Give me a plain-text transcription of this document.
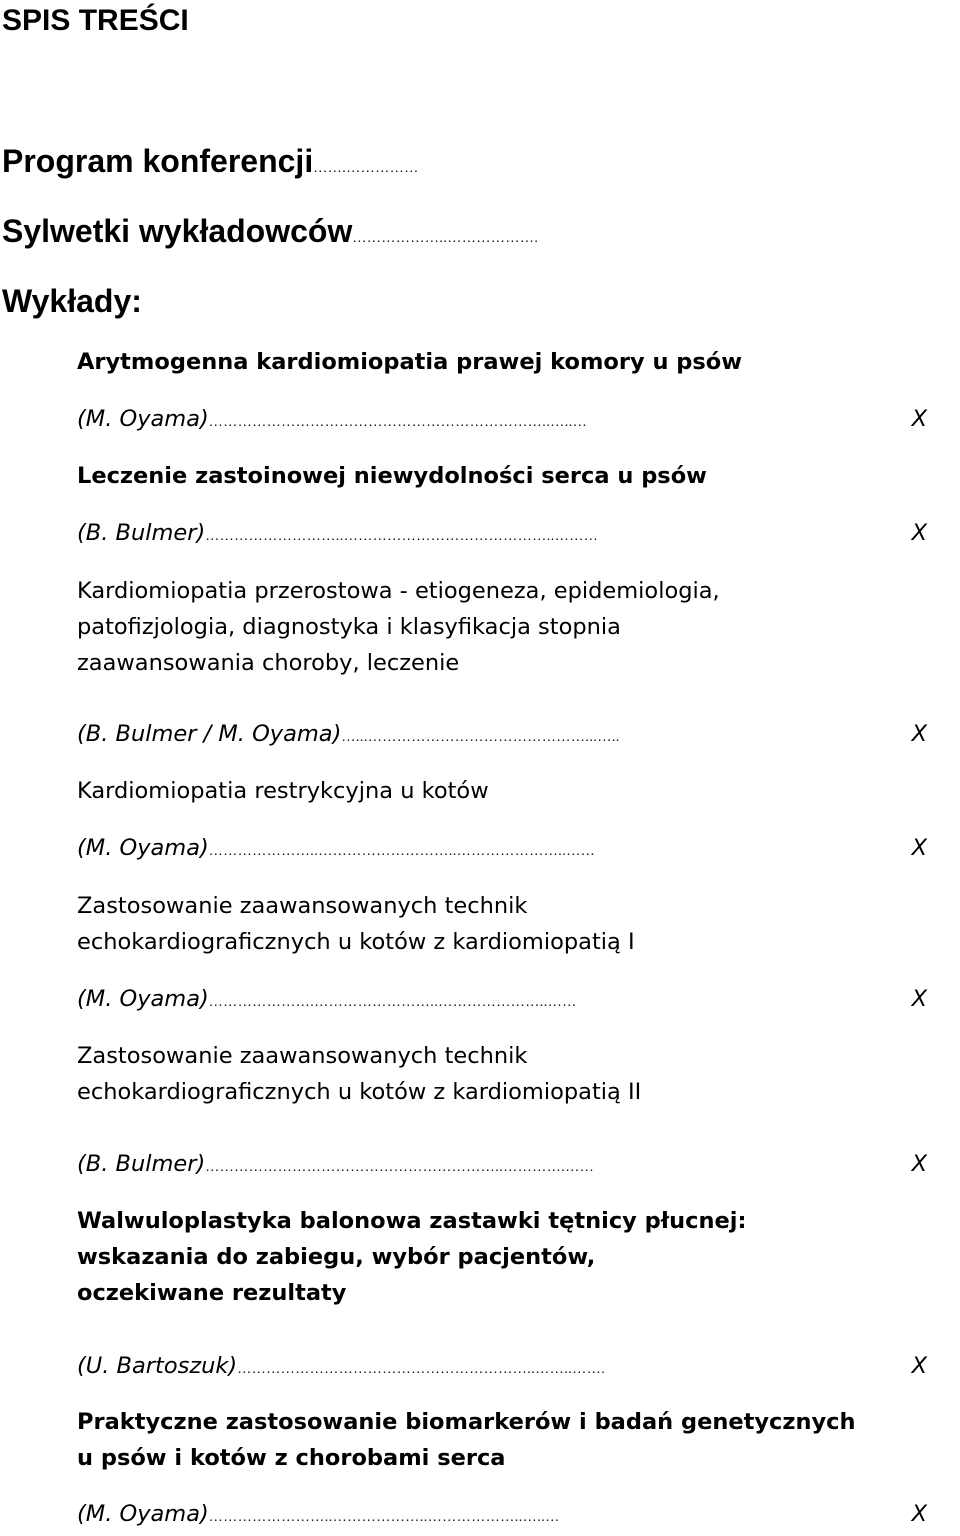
SPIS TREŚCI
Program konferencji…….……………
Sylwetki wykładowców………………..……………….
Wykłady:
Arytmogenna kardiomiopatia prawej komory u psów
(M. Oyama) ……………………………………………………………..…..…	X
Leczenie zastoinowej niewydolności serca u psów
(B. Bulmer) ………………………..……………………………………..………	X
Kardiomiopatia przerostowa - etiogeneza, epidemiologia,
patofizjologia, diagnostyka i klasyfikacja stopnia
zaawansowania choroby, leczenie
(B. Bulmer / M. Oyama) …...………………………………………...…..	X
Kardiomiopatia restrykcyjna u kotów
(M. Oyama) …………………..………………………..…………………..……	X
Zastosowanie zaawansowanych technik
echokardiograficznych u kotów z kardiomiopatią I
(M. Oyama) ………………….……………………..…………………..……	X
Zastosowanie zaawansowanych technik
echokardiograficznych u kotów z kardiomiopatią II
(B. Bulmer) ……………………………………………………..………….……	X
Walwuloplastyka balonowa zastawki tętnicy płucnej:
wskazania do zabiegu, wybór pacjentów,
oczekiwane rezultaty
(U. Bartoszuk) ……………………………………………………..……..…….	X
Praktyczne zastosowanie biomarkerów i badań genetycznych
u psów i kotów z chorobami serca
(M. Oyama) ……………………..………………..………………..…..…	X
